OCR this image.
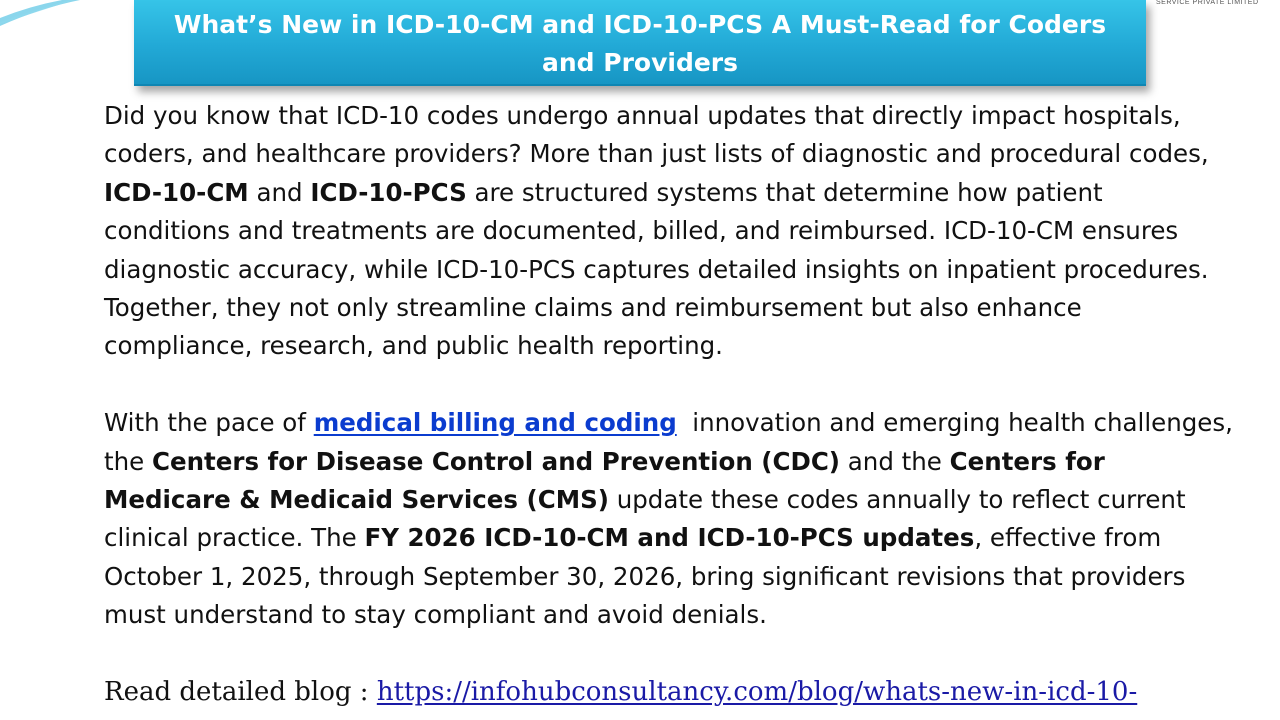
SERVICE PRIVATE LIMITED
What’s New in ICD-10-CM and ICD-10-PCS A Must-Read for Coders and Providers

Did you know that ICD-10 codes undergo annual updates that directly impact hospitals, coders, and healthcare providers? More than just lists of diagnostic and procedural codes, ICD-10-CM and ICD-10-PCS are structured systems that determine how patient conditions and treatments are documented, billed, and reimbursed. ICD-10-CM ensures diagnostic accuracy, while ICD-10-PCS captures detailed insights on inpatient procedures. Together, they not only streamline claims and reimbursement but also enhance compliance, research, and public health reporting.

With the pace of medical billing and coding  innovation and emerging health challenges, the Centers for Disease Control and Prevention (CDC) and the Centers for Medicare & Medicaid Services (CMS) update these codes annually to reflect current clinical practice. The FY 2026 ICD-10-CM and ICD-10-PCS updates, effective from October 1, 2025, through September 30, 2026, bring significant revisions that providers must understand to stay compliant and avoid denials.

Read detailed blog : https://infohubconsultancy.com/blog/whats-new-in-icd-10-
